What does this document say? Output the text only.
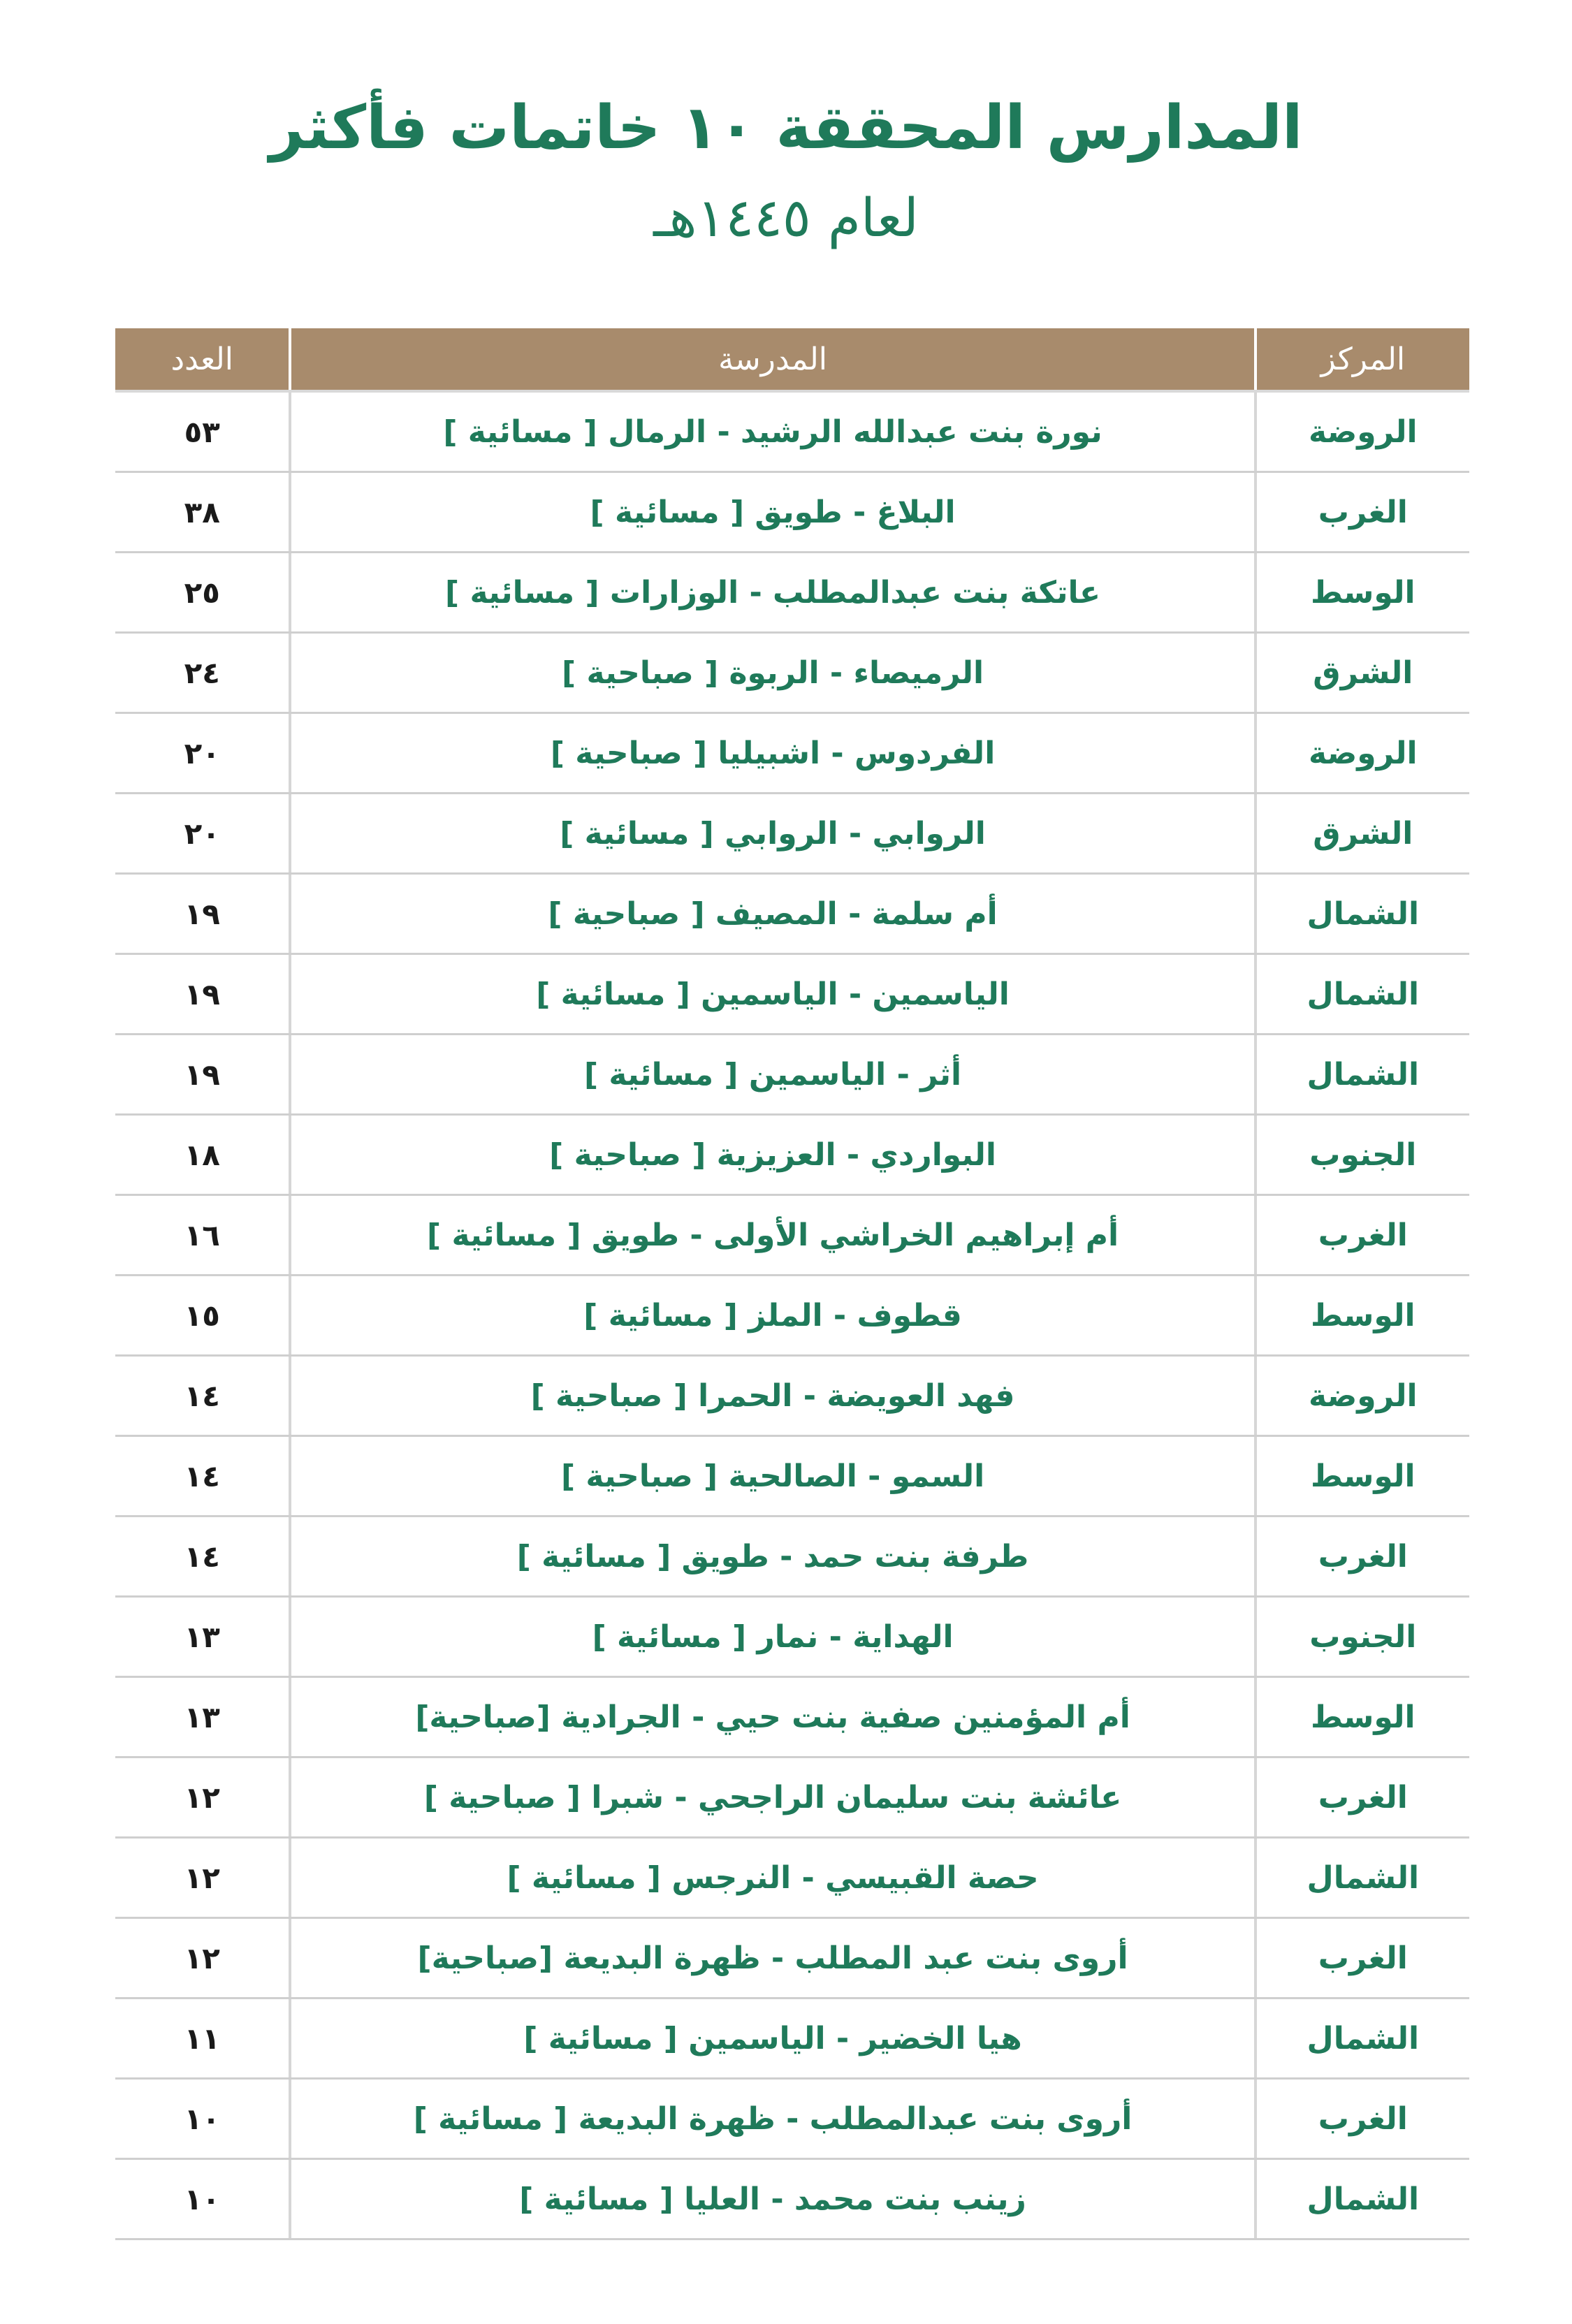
المدارس المحققة ١٠ خاتمات فأكثر
لعام ١٤٤٥هـ
المركز
المدرسة
العدد
الروضة
نورة بنت عبدالله الرشيد - الرمال [ مسائية ]
٥٣
الغرب
البلاغ - طويق [ مسائية ]
٣٨
الوسط
عاتكة بنت عبدالمطلب - الوزارات [ مسائية ]
٢٥
الشرق
الرميصاء - الربوة [ صباحية ]
٢٤
الروضة
الفردوس - اشبيليا [ صباحية ]
٢٠
الشرق
الروابي - الروابي [ مسائية ]
٢٠
الشمال
أم سلمة - المصيف [ صباحية ]
١٩
الشمال
الياسمين - الياسمين [ مسائية ]
١٩
الشمال
أثر - الياسمين [ مسائية ]
١٩
الجنوب
البواردي - العزيزية [ صباحية ]
١٨
الغرب
أم إبراهيم الخراشي الأولى - طويق [ مسائية ]
١٦
الوسط
قطوف - الملز [ مسائية ]
١٥
الروضة
فهد العويضة - الحمرا [ صباحية ]
١٤
الوسط
السمو - الصالحية [ صباحية ]
١٤
الغرب
طرفة بنت حمد - طويق [ مسائية ]
١٤
الجنوب
الهداية - نمار [ مسائية ]
١٣
الوسط
أم المؤمنين صفية بنت حيي - الجرادية [صباحية]
١٣
الغرب
عائشة بنت سليمان الراجحي - شبرا [ صباحية ]
١٢
الشمال
حصة القبيسي - النرجس [ مسائية ]
١٢
الغرب
أروى بنت عبد المطلب - ظهرة البديعة [صباحية]
١٢
الشمال
هيا الخضير - الياسمين [ مسائية ]
١١
الغرب
أروى بنت عبدالمطلب - ظهرة البديعة [ مسائية ]
١٠
الشمال
زينب بنت محمد - العليا [ مسائية ]
١٠
